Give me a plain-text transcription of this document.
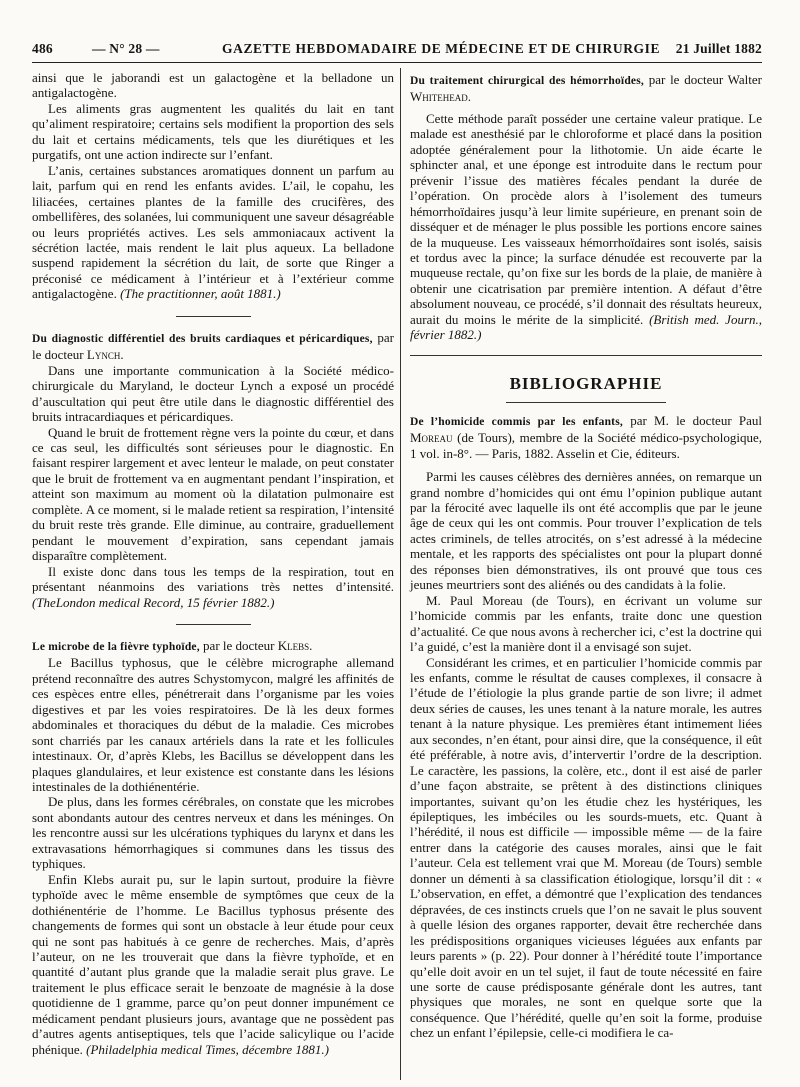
486	— N° 28 —	GAZETTE HEBDOMADAIRE DE MÉDECINE ET DE CHIRURGIE 21 Juillet 1882

ainsi que le jaborandi est un galactogène et la belladone un antigalactogène.

Les aliments gras augmentent les qualités du lait en tant qu’aliment respiratoire; certains sels modifient la proportion des sels du lait et certains médicaments, tels que les diurétiques et les purgatifs, ont une action indirecte sur l’enfant.

L’anis, certaines substances aromatiques donnent un parfum au lait, parfum qui en rend les enfants avides. L’ail, le copahu, les liliacées, certaines plantes de la famille des crucifères, des ombellifères, des solanées, lui communiquent une saveur désagréable ou leurs propriétés actives. Les sels ammoniacaux activent la sécrétion lactée, mais rendent le lait plus aqueux. La belladone suspend rapidement la sécrétion du lait, de sorte que Ringer a préconisé ce médicament à l’intérieur et à l’extérieur comme antigalactogène. (The practitionner, août 1881.)

Du diagnostic différentiel des bruits cardiaques et péricardiques, par le docteur Lynch.

Dans une importante communication à la Société médico-chirurgicale du Maryland, le docteur Lynch a exposé un procédé d’auscultation qui peut être utile dans le diagnostic différentiel des bruits intracardiaques et péricardiques.

Quand le bruit de frottement règne vers la pointe du cœur, et dans ce cas seul, les difficultés sont sérieuses pour le diagnostic. En faisant respirer largement et avec lenteur le malade, on peut constater que le bruit de frottement va en augmentant pendant l’inspiration, et atteint son maximum au moment où la dilatation pulmonaire est complète. A ce moment, si le malade retient sa respiration, l’intensité du bruit reste très grande. Elle diminue, au contraire, graduellement pendant le mouvement d’expiration, sans cependant jamais disparaître complètement.

Il existe donc dans tous les temps de la respiration, tout en présentant néanmoins des variations très nettes d’intensité. (TheLondon medical Record, 15 février 1882.)

Le microbe de la fièvre typhoïde, par le docteur Klebs.

Le Bacillus typhosus, que le célèbre micrographe allemand prétend reconnaître des autres Schystomycon, malgré les affinités de ces espèces entre elles, pénétrerait dans l’organisme par les voies digestives et par les voies respiratoires. De là les deux formes abdominales et thoraciques du début de la maladie. Ces microbes sont charriés par les canaux artériels dans la rate et les follicules intestinaux. Or, d’après Klebs, les Bacillus se développent dans les plaques glandulaires, et leur existence est constante dans les lésions intestinales de la dothiénentérie.

De plus, dans les formes cérébrales, on constate que les microbes sont abondants autour des centres nerveux et dans les méninges. On les rencontre aussi sur les ulcérations typhiques du larynx et dans les extravasations hémorrhagiques si communes dans les tissus des typhiques.

Enfin Klebs aurait pu, sur le lapin surtout, produire la fièvre typhoïde avec le même ensemble de symptômes que ceux de la dothiénentérie de l’homme. Le Bacillus typhosus présente des changements de formes qui sont un obstacle à leur étude pour ceux qui ne sont pas habitués à ce genre de recherches. Mais, d’après l’auteur, on ne les trouverait que dans la fièvre typhoïde, et en quantité d’autant plus grande que la maladie serait plus grave. Le traitement le plus efficace serait le benzoate de magnésie à la dose quotidienne de 1 gramme, parce qu’on peut donner impunément ce médicament pendant plusieurs jours, avantage que ne possèdent pas d’autres agents antiseptiques, tels que l’acide salicylique ou l’acide phénique. (Philadelphia medical Times, décembre 1881.)

Du traitement chirurgical des hémorrhoïdes, par le docteur Walter Whitehead.

Cette méthode paraît posséder une certaine valeur pratique. Le malade est anesthésié par le chloroforme et placé dans la position adoptée généralement pour la lithotomie. Un aide écarte le sphincter anal, et une éponge est introduite dans le rectum pour prévenir l’issue des matières fécales pendant la durée de l’opération. On procède alors à l’isolement des tumeurs hémorrhoïdaires jusqu’à leur limite supérieure, en prenant soin de disséquer et de ménager le plus possible les portions encore saines de la muqueuse. Les vaisseaux hémorrhoïdaires sont isolés, saisis et tordus avec la pince; la surface dénudée est recouverte par la muqueuse rectale, qu’on fixe sur les bords de la plaie, de manière à obtenir une cicatrisation par première intention. A défaut d’être absolument nouveau, ce procédé, s’il donnait des résultats heureux, aurait du moins le mérite de la simplicité. (British med. Journ., février 1882.)

BIBLIOGRAPHIE

De l’homicide commis par les enfants, par M. le docteur Paul Moreau (de Tours), membre de la Société médico-psychologique, 1 vol. in-8°. — Paris, 1882. Asselin et Cie, éditeurs.

Parmi les causes célèbres des dernières années, on remarque un grand nombre d’homicides qui ont ému l’opinion publique autant par la férocité avec laquelle ils ont été accomplis que par le jeune âge de ceux qui les ont commis. Pour trouver l’explication de tels actes criminels, de telles atrocités, on s’est adressé à la médecine mentale, et les rapports des spécialistes ont pour la plupart donné des réponses bien démonstratives, ils ont prouvé que tous ces jeunes meurtriers sont des aliénés ou des candidats à la folie.

M. Paul Moreau (de Tours), en écrivant un volume sur l’homicide commis par les enfants, traite donc une question d’actualité. Ce que nous avons à rechercher ici, c’est la doctrine qui l’a guidé, c’est la manière dont il a envisagé son sujet.

Considérant les crimes, et en particulier l’homicide commis par les enfants, comme le résultat de causes complexes, il consacre à l’étude de l’étiologie la plus grande partie de son livre; il admet deux séries de causes, les unes tenant à la nature morale, les autres tenant à la nature physique. Les premières étant intimement liées aux secondes, n’en étant, pour ainsi dire, que la conséquence, il eût été préférable, à notre avis, d’intervertir l’ordre de la description. Le caractère, les passions, la colère, etc., dont il est aisé de parler d’une façon abstraite, se prêtent à des distinctions cliniques importantes, suivant qu’on les étudie chez les hystériques, les épileptiques, les imbéciles ou les sourds-muets, etc. Quant à l’hérédité, il nous est difficile — impossible même — de la faire entrer dans la catégorie des causes morales, ainsi que le fait l’auteur. Cela est tellement vrai que M. Moreau (de Tours) semble donner un démenti à sa classification étiologique, lorsqu’il dit : « L’observation, en effet, a démontré que l’explication des tendances dépravées, de ces instincts cruels que l’on ne savait le plus souvent à quelle lésion des organes rapporter, devait être recherchée dans les prédispositions organiques vicieuses léguées aux enfants par leurs parents » (p. 22). Pour donner à l’hérédité toute l’importance qu’elle doit avoir en un tel sujet, il faut de toute nécessité en faire une sorte de cause prédisposante générale dont les autres, tant physiques que morales, ne sont en quelque sorte que la conséquence. Que l’hérédité, quelle qu’en soit la forme, produise chez un enfant l’épilepsie, celle-ci modifiera le ca-
